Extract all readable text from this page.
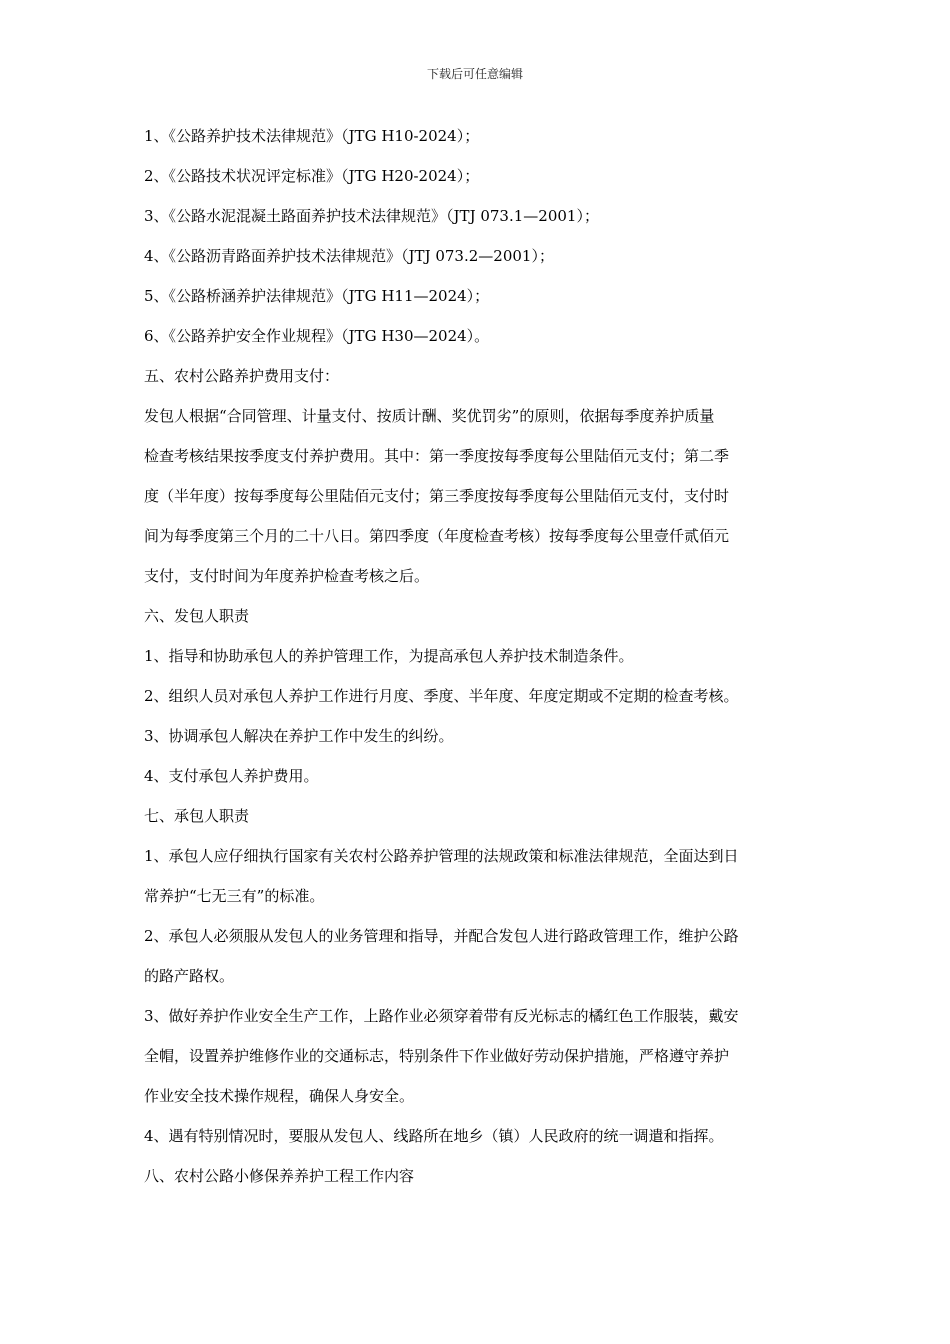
下载后可任意编辑
1、《公路养护技术法律规范》（JTG H10-2024）；
2、《公路技术状况评定标准》（JTG H20-2024）；
3、《公路水泥混凝土路面养护技术法律规范》（JTJ 073.1—2001）；
4、《公路沥青路面养护技术法律规范》（JTJ 073.2—2001）；
5、《公路桥涵养护法律规范》（JTG H11—2024）；
6、《公路养护安全作业规程》（JTG H30—2024）。
五、农村公路养护费用支付：
发包人根据“合同管理、计量支付、按质计酬、奖优罚劣”的原则，依据每季度养护质量
检查考核结果按季度支付养护费用。其中：第一季度按每季度每公里陆佰元支付；第二季
度（半年度）按每季度每公里陆佰元支付；第三季度按每季度每公里陆佰元支付，支付时
间为每季度第三个月的二十八日。第四季度（年度检查考核）按每季度每公里壹仟贰佰元
支付，支付时间为年度养护检查考核之后。
六、发包人职责
1、指导和协助承包人的养护管理工作，为提高承包人养护技术制造条件。
2、组织人员对承包人养护工作进行月度、季度、半年度、年度定期或不定期的检查考核。
3、协调承包人解决在养护工作中发生的纠纷。
4、支付承包人养护费用。
七、承包人职责
1、承包人应仔细执行国家有关农村公路养护管理的法规政策和标准法律规范，全面达到日
常养护“七无三有”的标准。
2、承包人必须服从发包人的业务管理和指导，并配合发包人进行路政管理工作，维护公路
的路产路权。
3、做好养护作业安全生产工作，上路作业必须穿着带有反光标志的橘红色工作服装，戴安
全帽，设置养护维修作业的交通标志，特别条件下作业做好劳动保护措施，严格遵守养护
作业安全技术操作规程，确保人身安全。
4、遇有特别情况时，要服从发包人、线路所在地乡（镇）人民政府的统一调遣和指挥。
八、农村公路小修保养养护工程工作内容
